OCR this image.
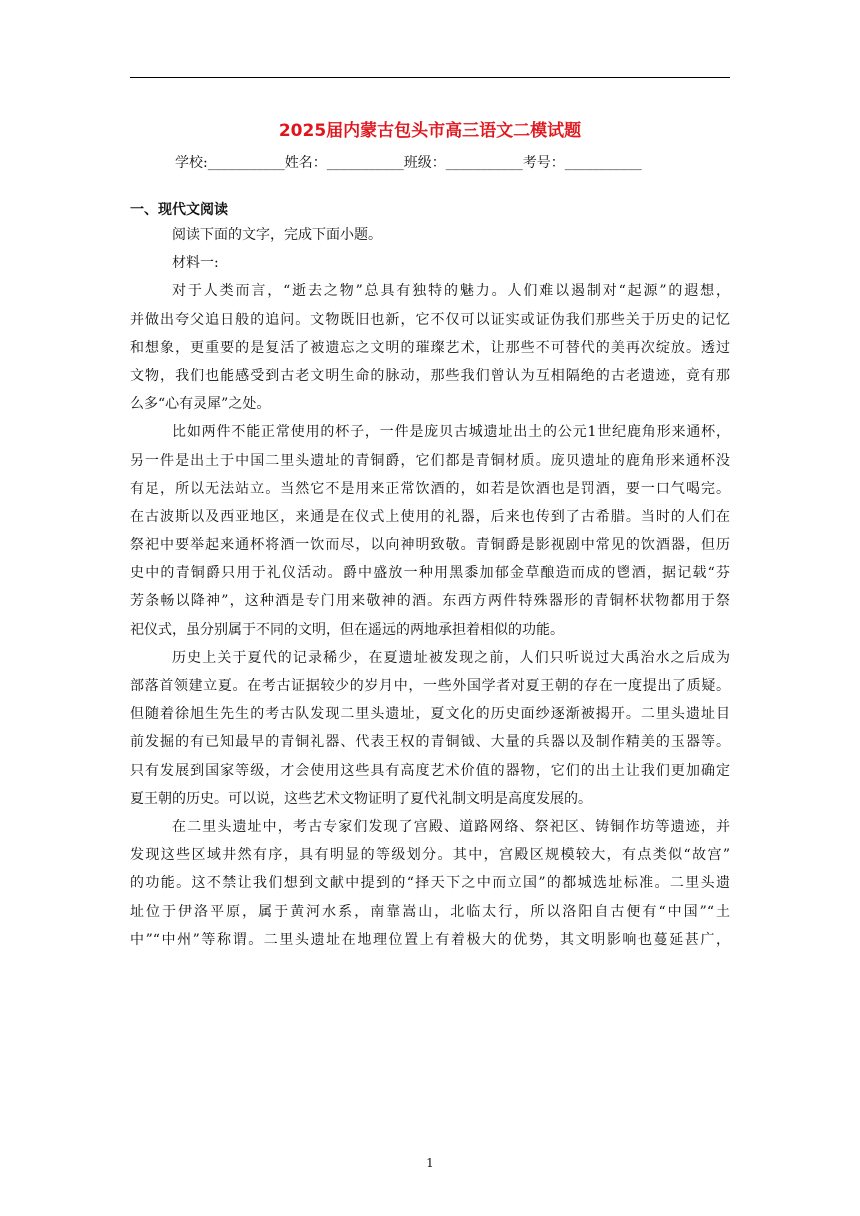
2025届内蒙古包头市高三语文二模试题
学校:___________姓名：___________班级：___________考号：___________
一、现代文阅读
阅读下面的文字，完成下面小题。
材料一:
对于人类而言，“逝去之物”总具有独特的魅力。人们难以遏制对“起源”的遐想，
并做出夸父追日般的追问。文物既旧也新，它不仅可以证实或证伪我们那些关于历史的记忆
和想象，更重要的是复活了被遗忘之文明的璀璨艺术，让那些不可替代的美再次绽放。透过
文物，我们也能感受到古老文明生命的脉动，那些我们曾认为互相隔绝的古老遗迹，竟有那
么多“心有灵犀”之处。
比如两件不能正常使用的杯子，一件是庞贝古城遗址出土的公元1世纪鹿角形来通杯，
另一件是出土于中国二里头遗址的青铜爵，它们都是青铜材质。庞贝遗址的鹿角形来通杯没
有足，所以无法站立。当然它不是用来正常饮酒的，如若是饮酒也是罚酒，要一口气喝完。
在古波斯以及西亚地区，来通是在仪式上使用的礼器，后来也传到了古希腊。当时的人们在
祭祀中要举起来通杯将酒一饮而尽，以向神明致敬。青铜爵是影视剧中常见的饮酒器，但历
史中的青铜爵只用于礼仪活动。爵中盛放一种用黑黍加郁金草酿造而成的鬯酒，据记载“芬
芳条畅以降神”，这种酒是专门用来敬神的酒。东西方两件特殊器形的青铜杯状物都用于祭
祀仪式，虽分别属于不同的文明，但在遥远的两地承担着相似的功能。
历史上关于夏代的记录稀少，在夏遗址被发现之前，人们只听说过大禹治水之后成为
部落首领建立夏。在考古证据较少的岁月中，一些外国学者对夏王朝的存在一度提出了质疑。
但随着徐旭生先生的考古队发现二里头遗址，夏文化的历史面纱逐渐被揭开。二里头遗址目
前发掘的有已知最早的青铜礼器、代表王权的青铜钺、大量的兵器以及制作精美的玉器等。
只有发展到国家等级，才会使用这些具有高度艺术价值的器物，它们的出土让我们更加确定
夏王朝的历史。可以说，这些艺术文物证明了夏代礼制文明是高度发展的。
在二里头遗址中，考古专家们发现了宫殿、道路网络、祭祀区、铸铜作坊等遗迹，并
发现这些区域井然有序，具有明显的等级划分。其中，宫殿区规模较大，有点类似“故宫”
的功能。这不禁让我们想到文献中提到的“择天下之中而立国”的都城选址标准。二里头遗
址位于伊洛平原，属于黄河水系，南靠嵩山，北临太行，所以洛阳自古便有“中国”“土
中”“中州”等称谓。二里头遗址在地理位置上有着极大的优势，其文明影响也蔓延甚广，
1
